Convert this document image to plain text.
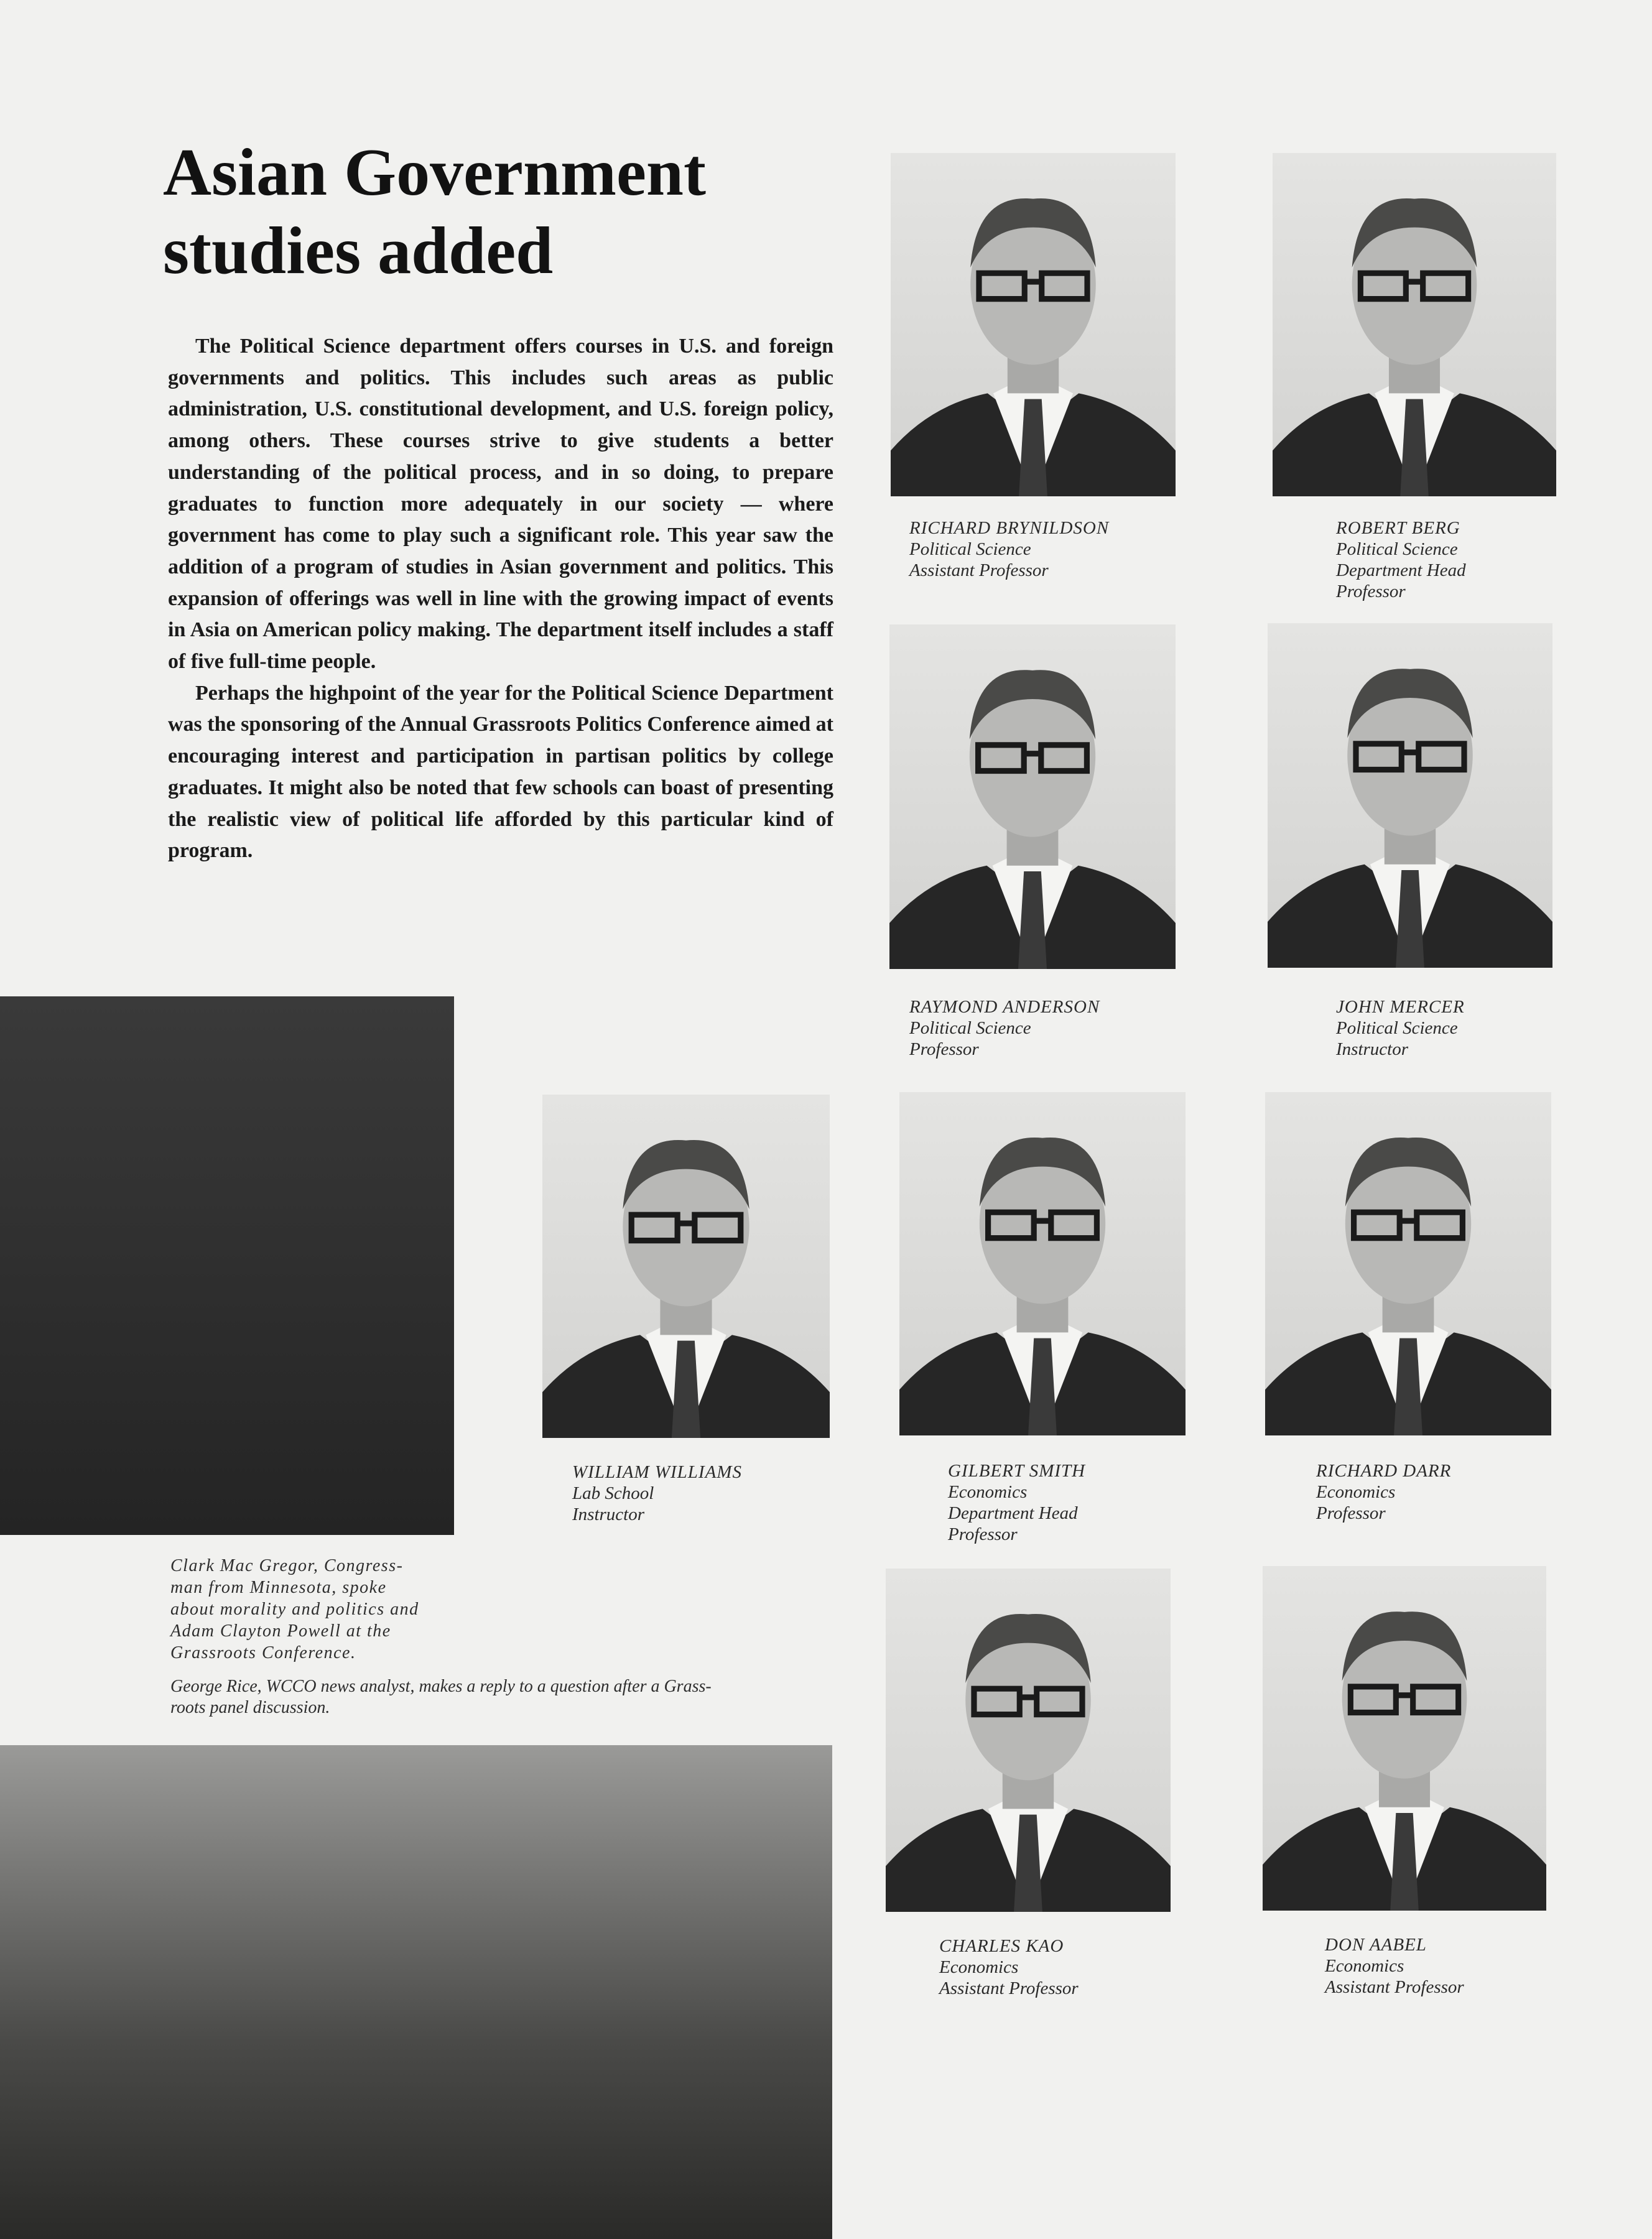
Asian Government
studies added

The Political Science department offers courses in U.S. and foreign governments and politics. This includes such areas as public administration, U.S. constitutional development, and U.S. foreign policy, among others. These courses strive to give students a better understanding of the political process, and in so doing, to prepare graduates to function more adequately in our society — where government has come to play such a significant role. This year saw the addition of a program of studies in Asian government and politics. This expansion of offerings was well in line with the growing impact of events in Asia on American policy making. The department itself includes a staff of five full-time people.

Perhaps the highpoint of the year for the Political Science Department was the sponsoring of the Annual Grassroots Politics Conference aimed at encouraging interest and participation in partisan politics by college graduates. It might also be noted that few schools can boast of presenting the realistic view of political life afforded by this particular kind of program.

RICHARD BRYNILDSON
Political Science
Assistant Professor
ROBERT BERG
Political Science
Department Head
Professor
RAYMOND ANDERSON
Political Science
Professor
JOHN MERCER
Political Science
Instructor
WILLIAM WILLIAMS
Lab School
Instructor
GILBERT SMITH
Economics
Department Head
Professor
RICHARD DARR
Economics
Professor
CHARLES KAO
Economics
Assistant Professor
DON AABEL
Economics
Assistant Professor
Clark Mac Gregor, Congress-
man from Minnesota, spoke
about morality and politics and
Adam Clayton Powell at the
Grassroots Conference.
George Rice, WCCO news analyst, makes a reply to a question after a Grass-
roots panel discussion.
